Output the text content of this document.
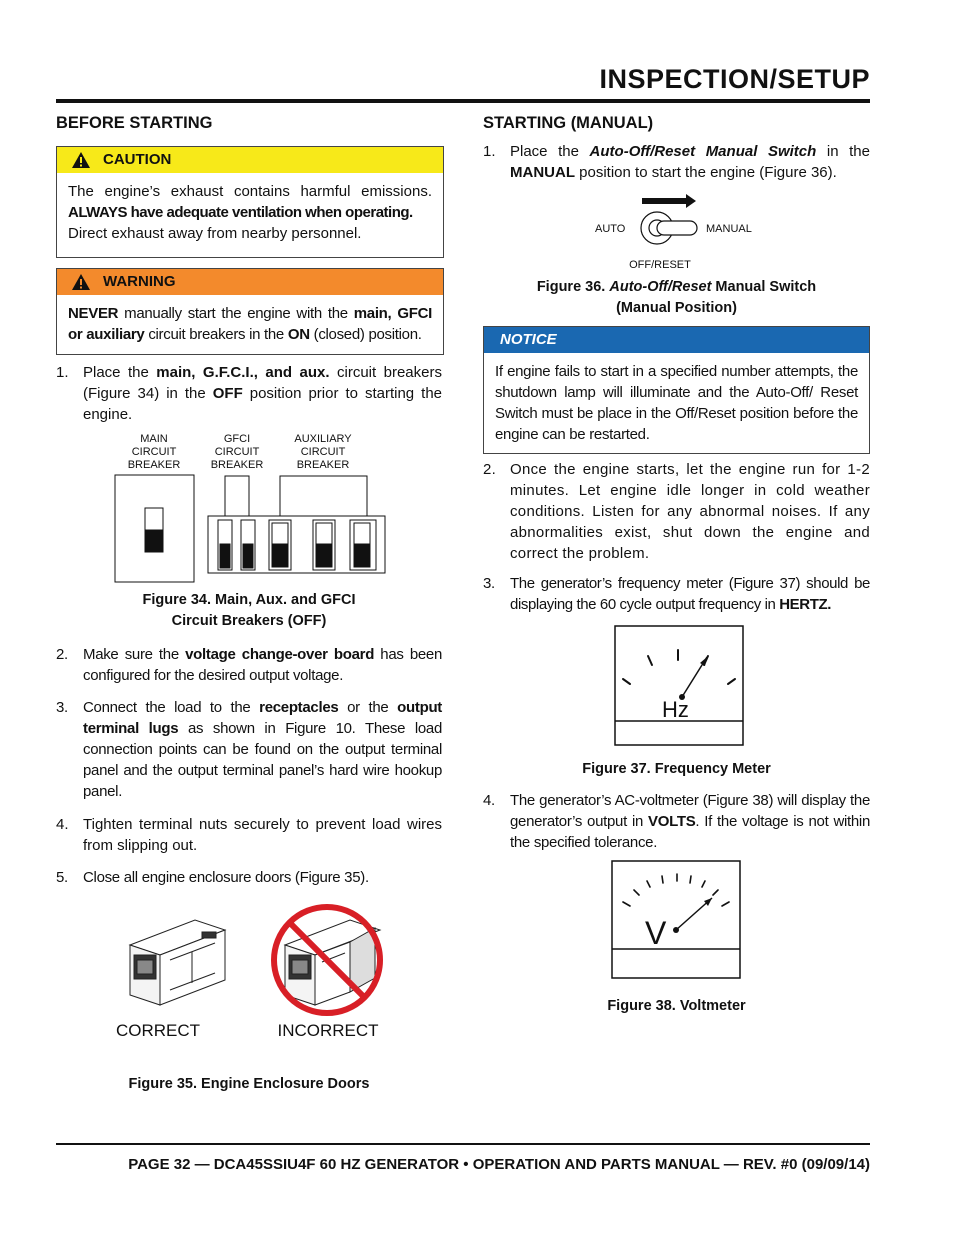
INSPECTION/SETUP
BEFORE STARTING
CAUTION
The engine’s exhaust contains harmful emissions.
ALWAYS have adequate ventilation when operating.
Direct exhaust away from nearby personnel.
WARNING
NEVER manually start the engine with the main, GFCI or auxiliary circuit breakers in the ON (closed) position.
1. Place the main, G.F.C.I., and aux. circuit breakers (Figure 34) in the OFF position prior to starting the engine.
MAIN
CIRCUIT
BREAKER
GFCI
CIRCUIT
BREAKER
AUXILIARY
CIRCUIT
BREAKER
Figure 34. Main, Aux. and GFCI
Circuit Breakers (OFF)
2. Make sure the voltage change-over board has been configured for the desired output voltage.
3. Connect the load to the receptacles or the output terminal lugs as shown in Figure 10. These load connection points can be found on the output terminal panel and the output terminal panel’s hard wire hookup panel.
4. Tighten terminal nuts securely to prevent load wires from slipping out.
5. Close all engine enclosure doors (Figure 35).
CORRECT	INCORRECT
Figure 35. Engine Enclosure Doors
STARTING (MANUAL)
1. Place the Auto-Off/Reset Manual Switch in the MANUAL position to start the engine (Figure 36).
AUTO	MANUAL
OFF/RESET
Figure 36. Auto-Off/Reset Manual Switch
(Manual Position)
NOTICE
If engine fails to start in a specified number attempts, the shutdown lamp will illuminate and the Auto-Off/ Reset Switch must be place in the Off/Reset position before the engine can be restarted.
2. Once the engine starts, let the engine run for 1-2 minutes. Let engine idle longer in cold weather conditions. Listen for any abnormal noises. If any abnormalities exist, shut down the engine and correct the problem.
3. The generator’s frequency meter (Figure 37) should be displaying the 60 cycle output frequency in HERTZ.
Hz
Figure 37. Frequency Meter
4. The generator’s AC-voltmeter (Figure 38) will display the generator’s output in VOLTS. If the voltage is not within the specified tolerance.
V
Figure 38. Voltmeter
PAGE 32 — DCA45SSIU4F 60 HZ GENERATOR • OPERATION AND PARTS MANUAL — REV. #0 (09/09/14)
